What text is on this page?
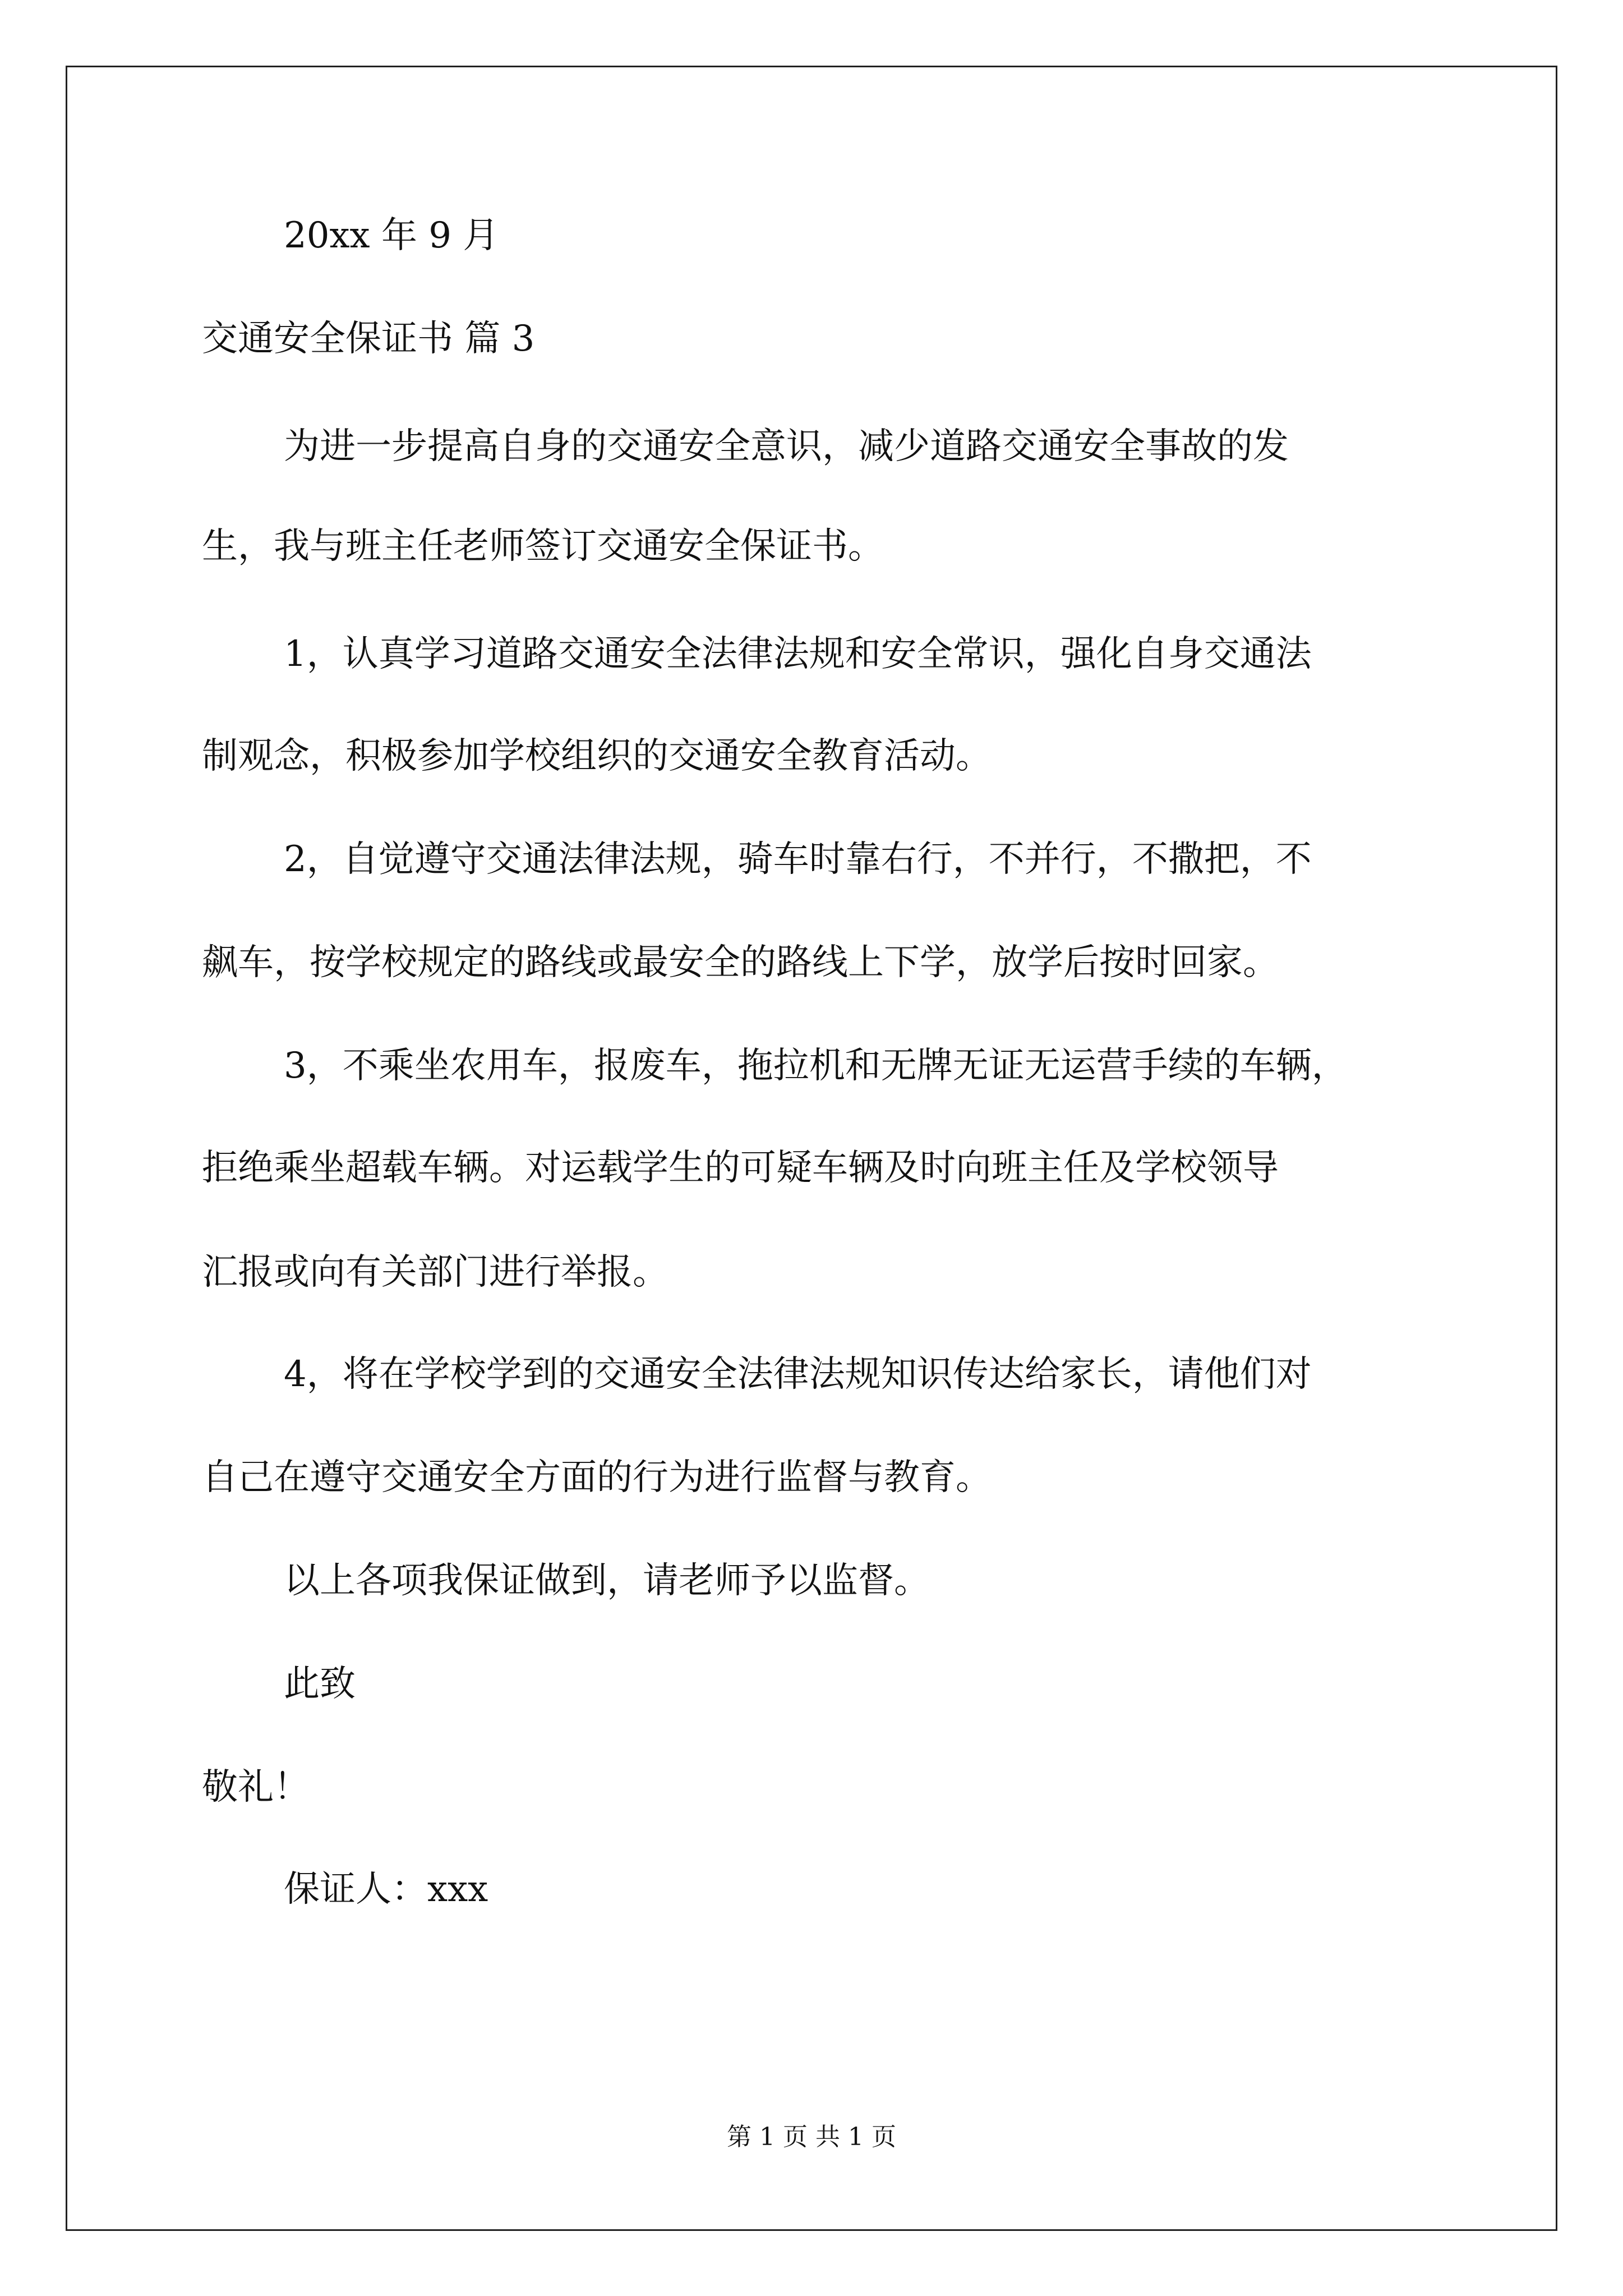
20xx 年 9 月
交通安全保证书 篇 3
为进一步提高自身的交通安全意识，减少道路交通安全事故的发
生，我与班主任老师签订交通安全保证书。
1，认真学习道路交通安全法律法规和安全常识，强化自身交通法
制观念，积极参加学校组织的交通安全教育活动。
2，自觉遵守交通法律法规，骑车时靠右行，不并行，不撒把，不
飙车，按学校规定的路线或最安全的路线上下学，放学后按时回家。
3，不乘坐农用车，报废车，拖拉机和无牌无证无运营手续的车辆，
拒绝乘坐超载车辆。对运载学生的可疑车辆及时向班主任及学校领导
汇报或向有关部门进行举报。
4，将在学校学到的交通安全法律法规知识传达给家长，请他们对
自己在遵守交通安全方面的行为进行监督与教育。
以上各项我保证做到，请老师予以监督。
此致
敬礼！
保证人：xxx
第 1 页 共 1 页
